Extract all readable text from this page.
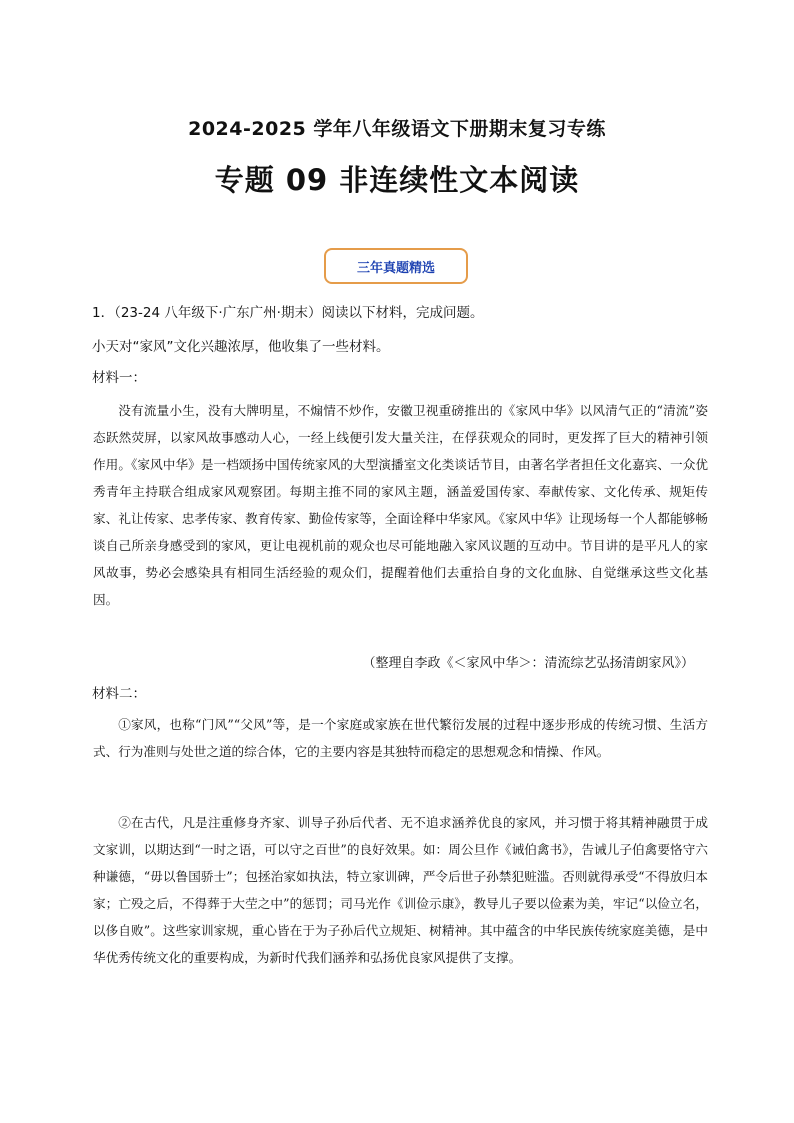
2024-2025 学年八年级语文下册期末复习专练
专题 09 非连续性文本阅读
三年真题精选
1．（23-24 八年级下·广东广州·期末）阅读以下材料，完成问题。
小天对“家风”文化兴趣浓厚，他收集了一些材料。
材料一：

没有流量小生，没有大牌明星，不煽情不炒作，安徽卫视重磅推出的《家风中华》以风清气正的“清流”姿态跃然荧屏，以家风故事感动人心，一经上线便引发大量关注，在俘获观众的同时，更发挥了巨大的精神引领作用。《家风中华》是一档颂扬中国传统家风的大型演播室文化类谈话节目，由著名学者担任文化嘉宾、一众优秀青年主持联合组成家风观察团。每期主推不同的家风主题，涵盖爱国传家、奉献传家、文化传承、规矩传家、礼让传家、忠孝传家、教育传家、勤俭传家等，全面诠释中华家风。《家风中华》让现场每一个人都能够畅谈自己所亲身感受到的家风，更让电视机前的观众也尽可能地融入家风议题的互动中。节目讲的是平凡人的家风故事，势必会感染具有相同生活经验的观众们，提醒着他们去重拾自身的文化血脉、自觉继承这些文化基因。

（整理自李政《＜家风中华＞：清流综艺弘扬清朗家风》）
材料二：

①家风，也称“门风”“父风”等，是一个家庭或家族在世代繁衍发展的过程中逐步形成的传统习惯、生活方式、行为准则与处世之道的综合体，它的主要内容是其独特而稳定的思想观念和情操、作风。

②在古代，凡是注重修身齐家、训导子孙后代者、无不追求涵养优良的家风，并习惯于将其精神融贯于成文家训，以期达到“一时之语，可以守之百世”的良好效果。如：周公旦作《诫伯禽书》，告诫儿子伯禽要恪守六种谦德，“毋以鲁国骄士”；包拯治家如执法，特立家训碑，严令后世子孙禁犯赃滥。否则就得承受“不得放归本家；亡殁之后，不得葬于大茔之中”的惩罚；司马光作《训俭示康》，教导儿子要以俭素为美，牢记“以俭立名，以侈自败”。这些家训家规，重心皆在于为子孙后代立规矩、树精神。其中蕴含的中华民族传统家庭美德，是中华优秀传统文化的重要构成，为新时代我们涵养和弘扬优良家风提供了支撑。
